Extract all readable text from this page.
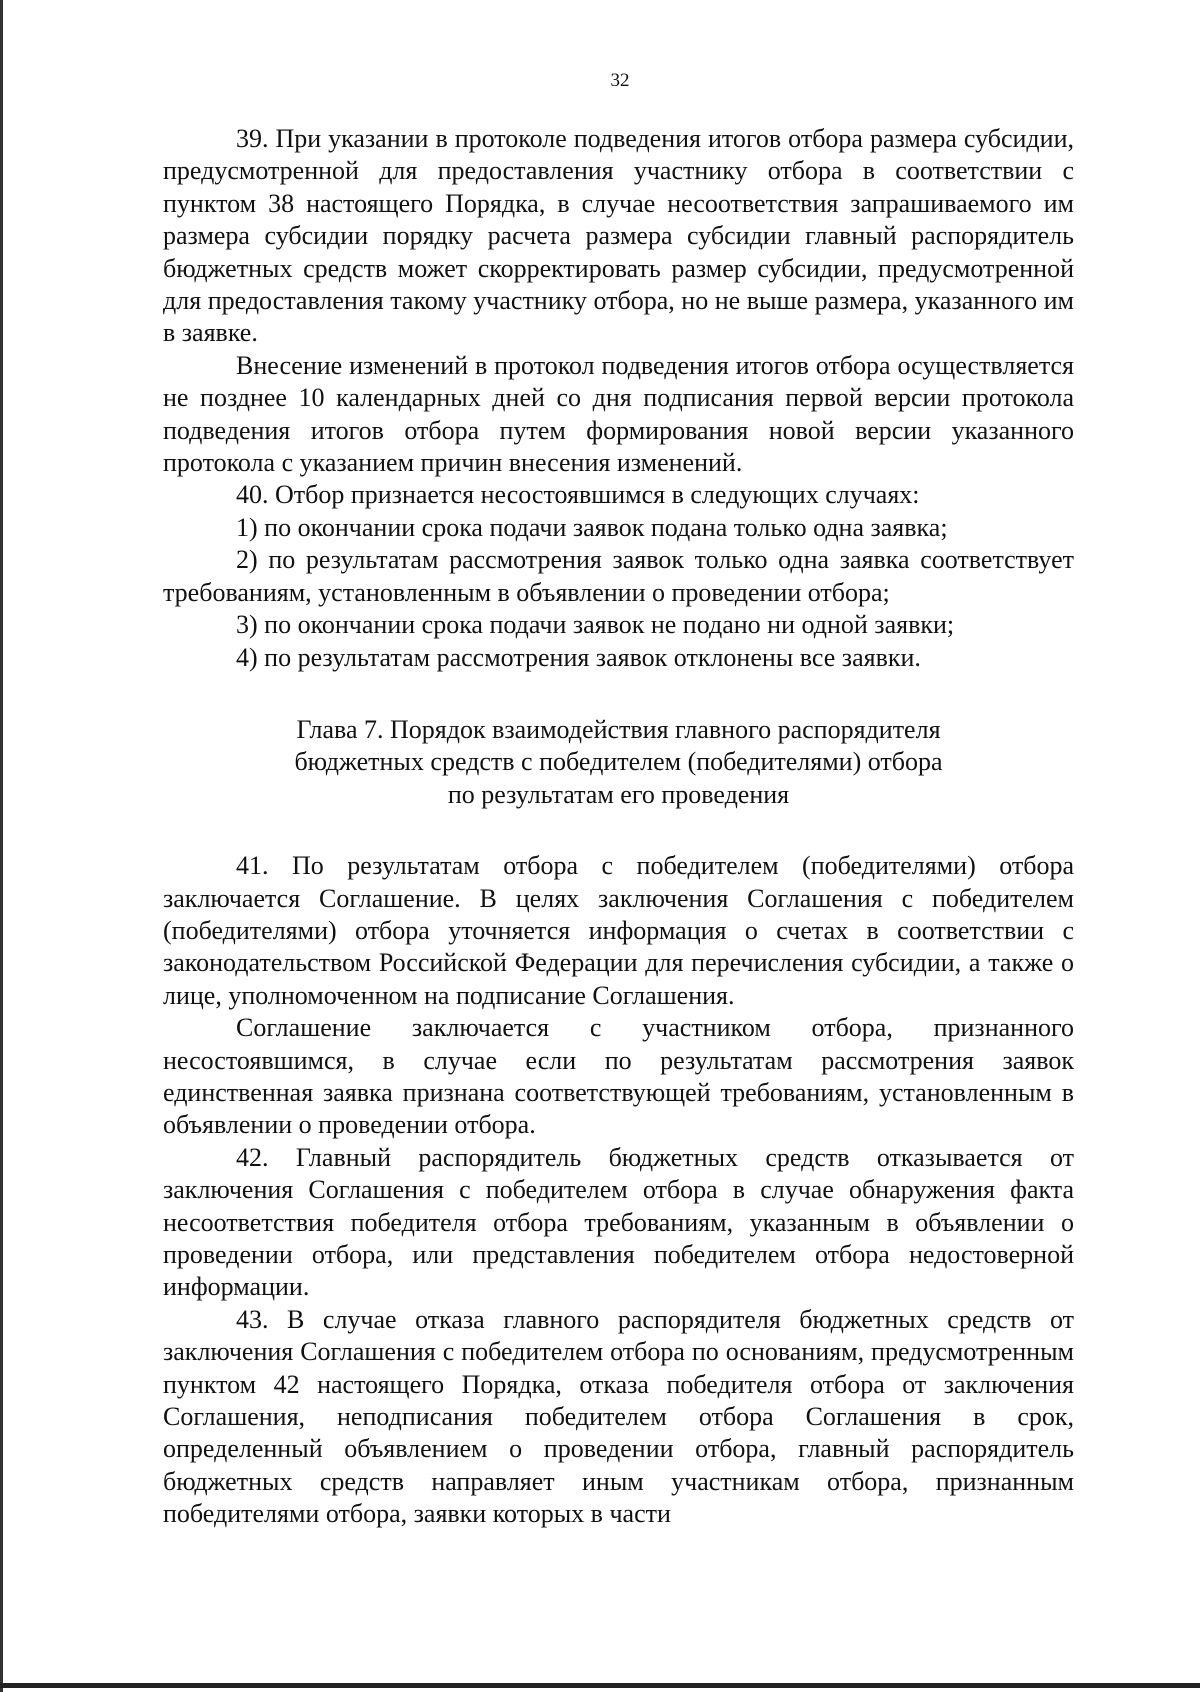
32

39. При указании в протоколе подведения итогов отбора размера субсидии, предусмотренной для предоставления участнику отбора в соответствии с пунктом 38 настоящего Порядка, в случае несоответствия запрашиваемого им размера субсидии порядку расчета размера субсидии главный распорядитель бюджетных средств может скорректировать размер субсидии, предусмотренной для предоставления такому участнику отбора, но не выше размера, указанного им в заявке.

Внесение изменений в протокол подведения итогов отбора осуществляется не позднее 10 календарных дней со дня подписания первой версии протокола подведения итогов отбора путем формирования новой версии указанного протокола с указанием причин внесения изменений.

40. Отбор признается несостоявшимся в следующих случаях:

1) по окончании срока подачи заявок подана только одна заявка;

2) по результатам рассмотрения заявок только одна заявка соответствует требованиям, установленным в объявлении о проведении отбора;

3) по окончании срока подачи заявок не подано ни одной заявки;

4) по результатам рассмотрения заявок отклонены все заявки.

Глава 7. Порядок взаимодействия главного распорядителя
бюджетных средств с победителем (победителями) отбора
по результатам его проведения

41. По результатам отбора с победителем (победителями) отбора заключается Соглашение. В целях заключения Соглашения с победителем (победителями) отбора уточняется информация о счетах в соответствии с законодательством Российской Федерации для перечисления субсидии, а также о лице, уполномоченном на подписание Соглашения.

Соглашение заключается с участником отбора, признанного несостоявшимся, в случае если по результатам рассмотрения заявок единственная заявка признана соответствующей требованиям, установленным в объявлении о проведении отбора.

42. Главный распорядитель бюджетных средств отказывается от заключения Соглашения с победителем отбора в случае обнаружения факта несоответствия победителя отбора требованиям, указанным в объявлении о проведении отбора, или представления победителем отбора недостоверной информации.

43. В случае отказа главного распорядителя бюджетных средств от заключения Соглашения с победителем отбора по основаниям, предусмотренным пунктом 42 настоящего Порядка, отказа победителя отбора от заключения Соглашения, неподписания победителем отбора Соглашения в срок, определенный объявлением о проведении отбора, главный распорядитель бюджетных средств направляет иным участникам отбора, признанным победителями отбора, заявки которых в части
